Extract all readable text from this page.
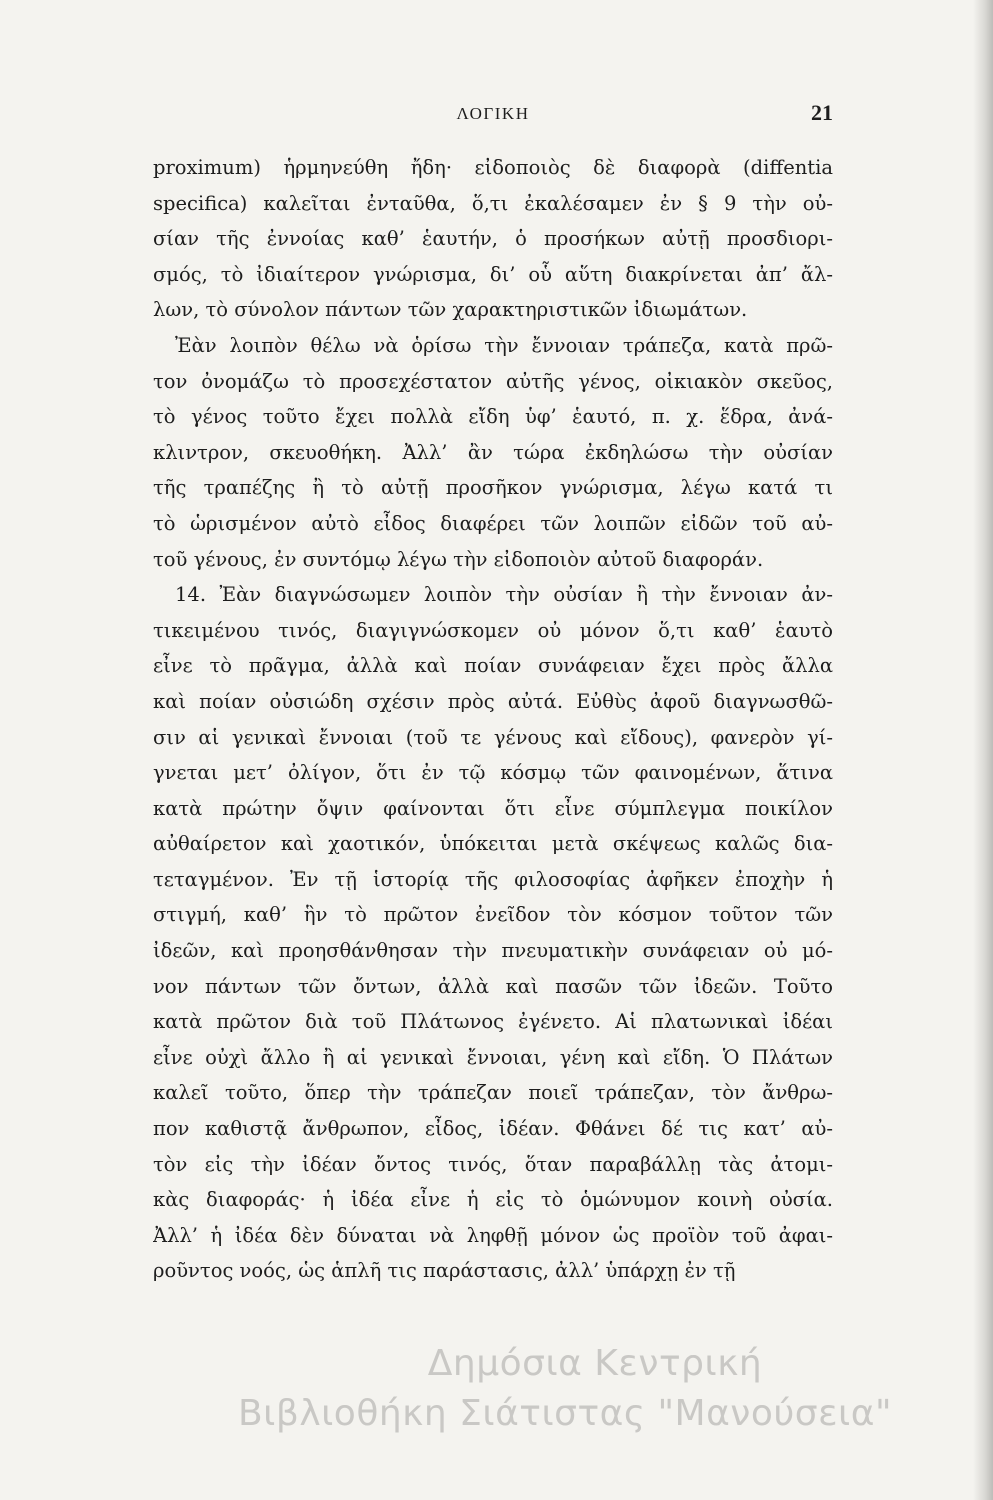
ΛΟΓΙΚΗ	21
proximum) ἡρμηνεύθη ἤδη· εἰδοποιὸς δὲ διαφορὰ (diffentia
specifica) καλεῖται ἐνταῦθα, ὅ,τι ἐκαλέσαμεν ἐν § 9 τὴν οὐ-
σίαν τῆς ἐννοίας καθ’ ἑαυτήν, ὁ προσήκων αὐτῇ προσδιορι-
σμός, τὸ ἰδιαίτερον γνώρισμα, δι’ οὗ αὕτη διακρίνεται ἀπ’ ἄλ-
λων, τὸ σύνολον πάντων τῶν χαρακτηριστικῶν ἰδιωμάτων.
Ἐὰν λοιπὸν θέλω νὰ ὁρίσω τὴν ἔννοιαν τράπεζα, κατὰ πρῶ-
τον ὀνομάζω τὸ προσεχέστατον αὐτῆς γένος, οἰκιακὸν σκεῦος,
τὸ γένος τοῦτο ἔχει πολλὰ εἴδη ὑφ’ ἑαυτό, π. χ. ἕδρα, ἀνά-
κλιντρον, σκευοθήκη. Ἀλλ’ ἂν τώρα ἐκδηλώσω τὴν οὐσίαν
τῆς τραπέζης ἢ τὸ αὐτῇ προσῆκον γνώρισμα, λέγω κατά τι
τὸ ὡρισμένον αὐτὸ εἶδος διαφέρει τῶν λοιπῶν εἰδῶν τοῦ αὐ-
τοῦ γένους, ἐν συντόμῳ λέγω τὴν εἰδοποιὸν αὐτοῦ διαφοράν.
14. Ἐὰν διαγνώσωμεν λοιπὸν τὴν οὐσίαν ἢ τὴν ἔννοιαν ἀν-
τικειμένου τινός, διαγιγνώσκομεν οὐ μόνον ὅ,τι καθ’ ἑαυτὸ
εἶνε τὸ πρᾶγμα, ἀλλὰ καὶ ποίαν συνάφειαν ἔχει πρὸς ἄλλα
καὶ ποίαν οὐσιώδη σχέσιν πρὸς αὐτά. Εὐθὺς ἀφοῦ διαγνωσθῶ-
σιν αἱ γενικαὶ ἔννοιαι (τοῦ τε γένους καὶ εἴδους), φανερὸν γί-
γνεται μετ’ ὀλίγον, ὅτι ἐν τῷ κόσμῳ τῶν φαινομένων, ἅτινα
κατὰ πρώτην ὄψιν φαίνονται ὅτι εἶνε σύμπλεγμα ποικίλον
αὐθαίρετον καὶ χαοτικόν, ὑπόκειται μετὰ σκέψεως καλῶς δια-
τεταγμένον. Ἐν τῇ ἱστορίᾳ τῆς φιλοσοφίας ἀφῆκεν ἐποχὴν ἡ
στιγμή, καθ’ ἣν τὸ πρῶτον ἐνεῖδον τὸν κόσμον τοῦτον τῶν
ἰδεῶν, καὶ προησθάνθησαν τὴν πνευματικὴν συνάφειαν οὐ μό-
νον πάντων τῶν ὄντων, ἀλλὰ καὶ πασῶν τῶν ἰδεῶν. Τοῦτο
κατὰ πρῶτον διὰ τοῦ Πλάτωνος ἐγένετο. Αἱ πλατωνικαὶ ἰδέαι
εἶνε οὐχὶ ἄλλο ἢ αἱ γενικαὶ ἔννοιαι, γένη καὶ εἴδη. Ὁ Πλάτων
καλεῖ τοῦτο, ὅπερ τὴν τράπεζαν ποιεῖ τράπεζαν, τὸν ἄνθρω-
πον καθιστᾷ ἄνθρωπον, εἶδος, ἰδέαν. Φθάνει δέ τις κατ’ αὐ-
τὸν εἰς τὴν ἰδέαν ὄντος τινός, ὅταν παραβάλλῃ τὰς ἀτομι-
κὰς διαφοράς· ἡ ἰδέα εἶνε ἡ εἰς τὸ ὁμώνυμον κοινὴ οὐσία.
Ἀλλ’ ἡ ἰδέα δὲν δύναται νὰ ληφθῇ μόνον ὡς προϊὸν τοῦ ἀφαι-
ροῦντος νοός, ὡς ἁπλῆ τις παράστασις, ἀλλ’ ὑπάρχῃ ἐν τῇ
Δημόσια Κεντρική
Βιβλιοθήκη Σιάτιστας "Μανούσεια"
